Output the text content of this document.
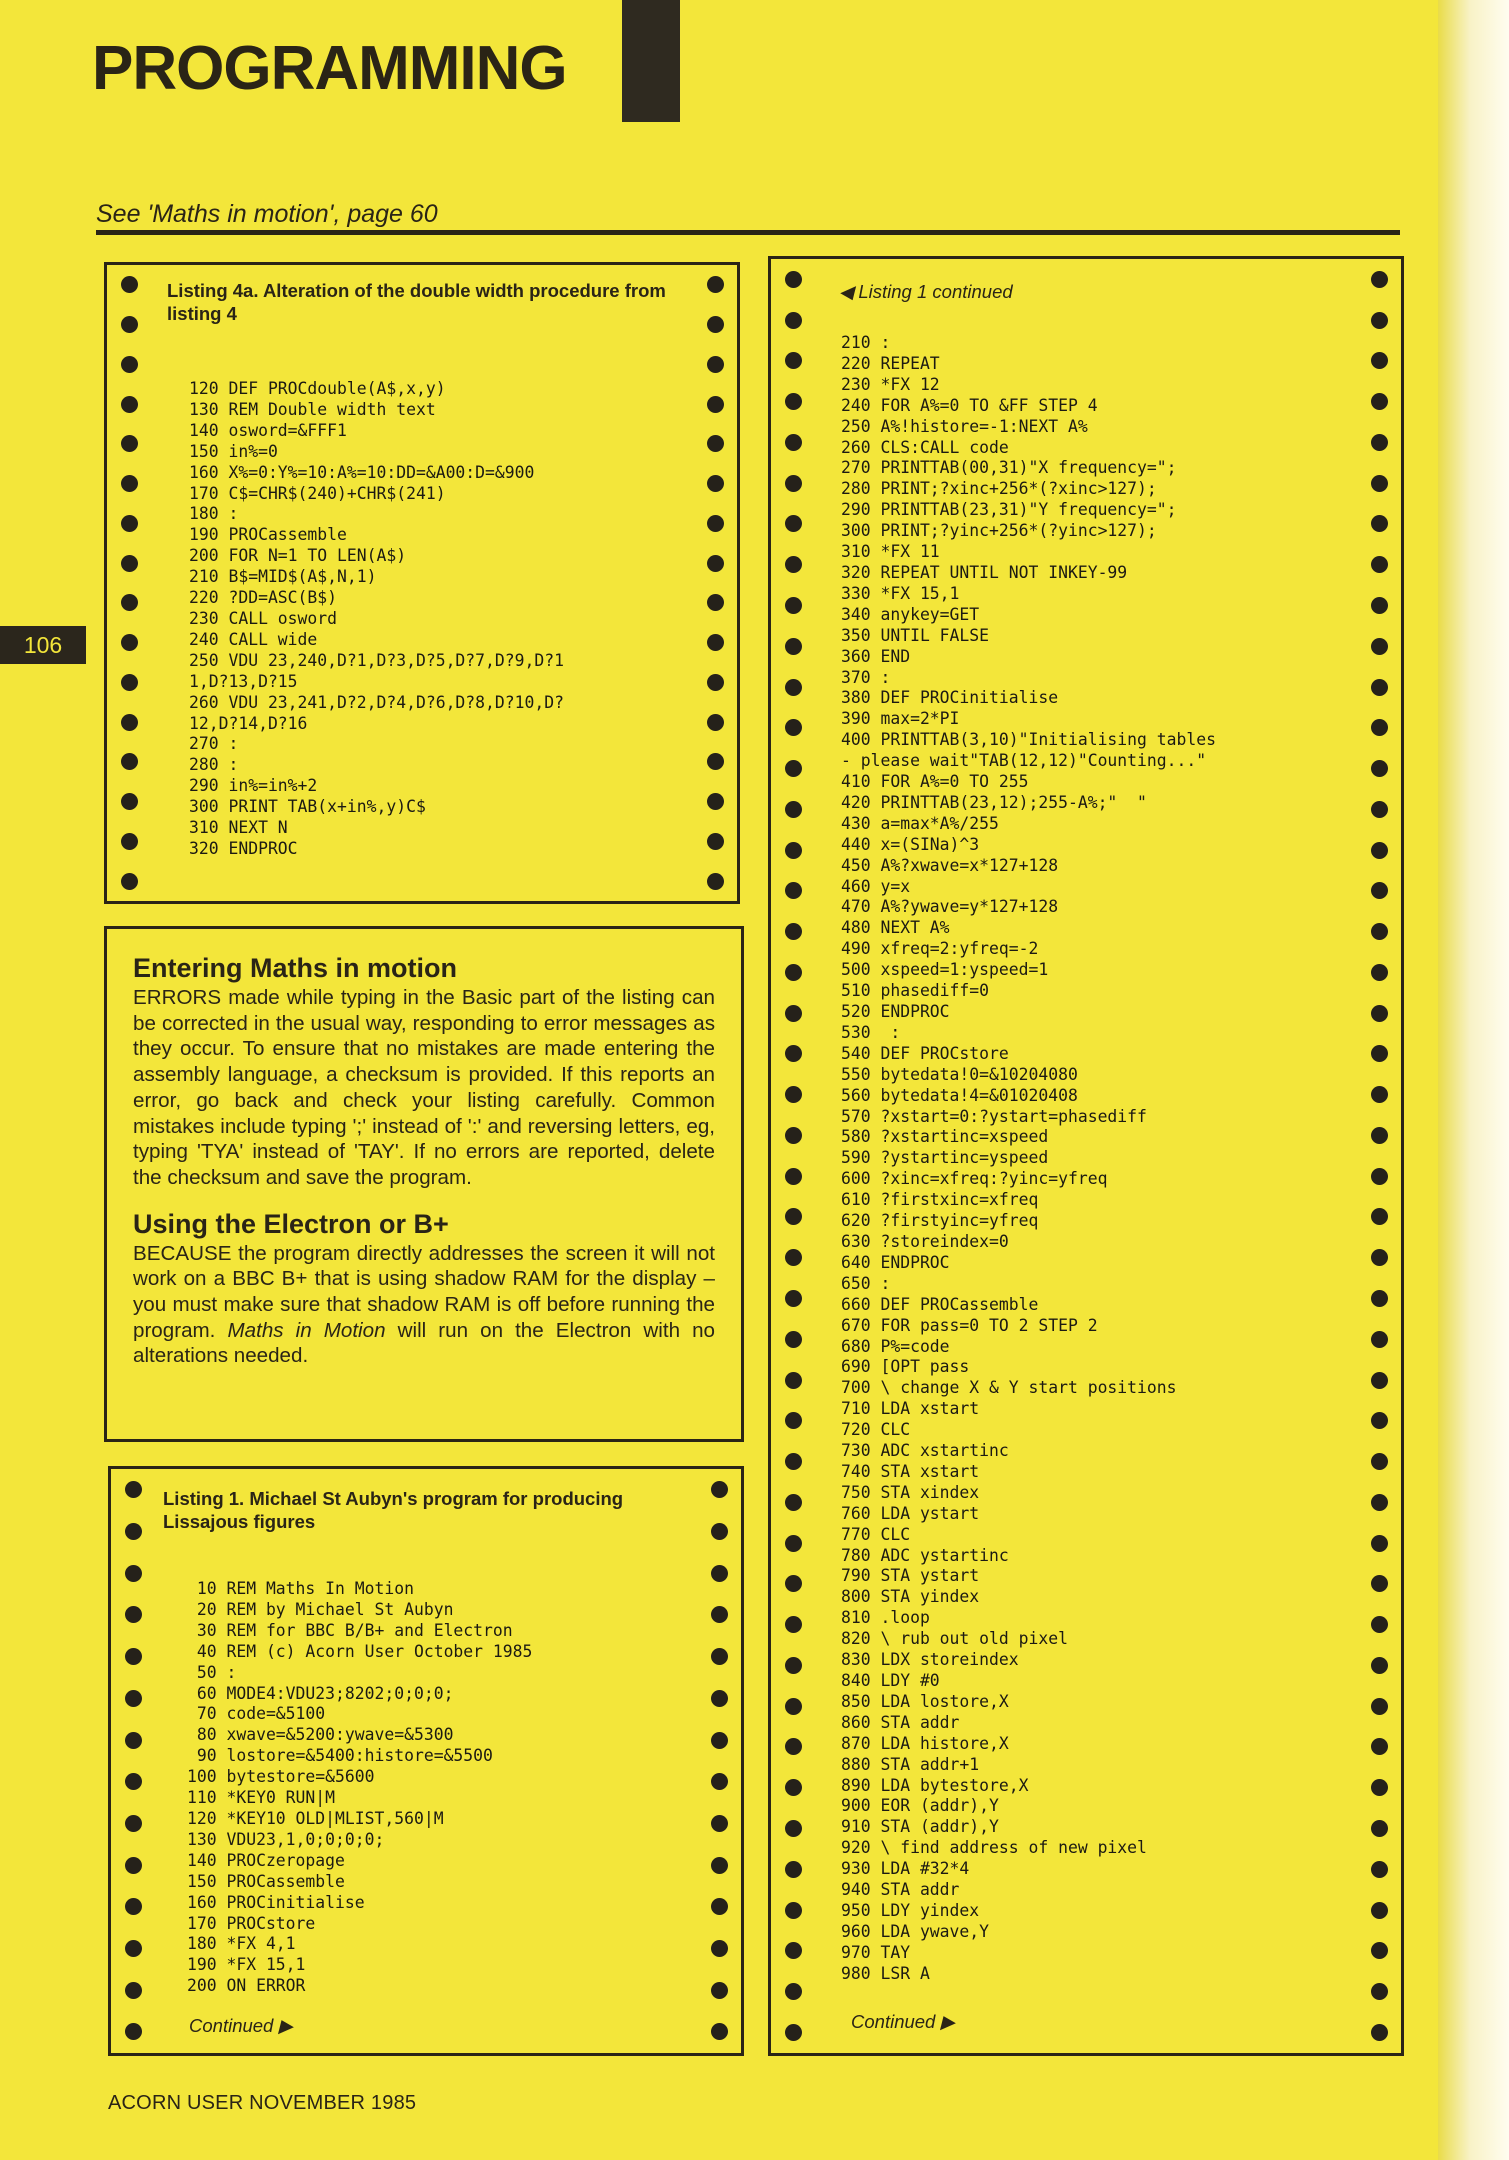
PROGRAMMING
See 'Maths in motion', page 60
106
Listing 4a. Alteration of the double width procedure from listing 4
120 DEF PROCdouble(A$,x,y)
130 REM Double width text
140 osword=&FFF1
150 in%=0
160 X%=0:Y%=10:A%=10:DD=&A00:D=&900
170 C$=CHR$(240)+CHR$(241)
180 :
190 PROCassemble
200 FOR N=1 TO LEN(A$)
210 B$=MID$(A$,N,1)
220 ?DD=ASC(B$)
230 CALL osword
240 CALL wide
250 VDU 23,240,D?1,D?3,D?5,D?7,D?9,D?1
1,D?13,D?15
260 VDU 23,241,D?2,D?4,D?6,D?8,D?10,D?
12,D?14,D?16
270 :
280 :
290 in%=in%+2
300 PRINT TAB(x+in%,y)C$
310 NEXT N
320 ENDPROC
Entering Maths in motion

ERRORS made while typing in the Basic part of the listing can be corrected in the usual way, responding to error messages as they occur. To ensure that no mistakes are made entering the assembly language, a checksum is provided. If this reports an error, go back and check your listing carefully. Common mistakes include typing ';' instead of ':' and reversing letters, eg, typing 'TYA' instead of 'TAY'. If no errors are reported, delete the checksum and save the program.

Using the Electron or B+

BECAUSE the program directly addresses the screen it will not work on a BBC B+ that is using shadow RAM for the display – you must make sure that shadow RAM is off before running the program. Maths in Motion will run on the Electron with no alterations needed.

Listing 1. Michael St Aubyn's program for producing Lissajous figures
10 REM Maths In Motion
20 REM by Michael St Aubyn
30 REM for BBC B/B+ and Electron
40 REM (c) Acorn User October 1985
50 :
60 MODE4:VDU23;8202;0;0;0;
70 code=&5100
80 xwave=&5200:ywave=&5300
90 lostore=&5400:histore=&5500
100 bytestore=&5600
110 *KEY0 RUN|M
120 *KEY10 OLD|MLIST,560|M
130 VDU23,1,0;0;0;0;
140 PROCzeropage
150 PROCassemble
160 PROCinitialise
170 PROCstore
180 *FX 4,1
190 *FX 15,1
200 ON ERROR
Continued ▶
◀ Listing 1 continued
210 :
220 REPEAT
230 *FX 12
240 FOR A%=0 TO &FF STEP 4
250 A%!histore=-1:NEXT A%
260 CLS:CALL code
270 PRINTTAB(00,31)"X frequency=";
280 PRINT;?xinc+256*(?xinc>127);
290 PRINTTAB(23,31)"Y frequency=";
300 PRINT;?yinc+256*(?yinc>127);
310 *FX 11
320 REPEAT UNTIL NOT INKEY-99
330 *FX 15,1
340 anykey=GET
350 UNTIL FALSE
360 END
370 :
380 DEF PROCinitialise
390 max=2*PI
400 PRINTTAB(3,10)"Initialising tables
- please wait"TAB(12,12)"Counting..."
410 FOR A%=0 TO 255
420 PRINTTAB(23,12);255-A%;"  "
430 a=max*A%/255
440 x=(SINa)^3
450 A%?xwave=x*127+128
460 y=x
470 A%?ywave=y*127+128
480 NEXT A%
490 xfreq=2:yfreq=-2
500 xspeed=1:yspeed=1
510 phasediff=0
520 ENDPROC
530  :
540 DEF PROCstore
550 bytedata!0=&10204080
560 bytedata!4=&01020408
570 ?xstart=0:?ystart=phasediff
580 ?xstartinc=xspeed
590 ?ystartinc=yspeed
600 ?xinc=xfreq:?yinc=yfreq
610 ?firstxinc=xfreq
620 ?firstyinc=yfreq
630 ?storeindex=0
640 ENDPROC
650 :
660 DEF PROCassemble
670 FOR pass=0 TO 2 STEP 2
680 P%=code
690 [OPT pass
700 \ change X & Y start positions
710 LDA xstart
720 CLC
730 ADC xstartinc
740 STA xstart
750 STA xindex
760 LDA ystart
770 CLC
780 ADC ystartinc
790 STA ystart
800 STA yindex
810 .loop
820 \ rub out old pixel
830 LDX storeindex
840 LDY #0
850 LDA lostore,X
860 STA addr
870 LDA histore,X
880 STA addr+1
890 LDA bytestore,X
900 EOR (addr),Y
910 STA (addr),Y
920 \ find address of new pixel
930 LDA #32*4
940 STA addr
950 LDY yindex
960 LDA ywave,Y
970 TAY
980 LSR A
Continued ▶
ACORN USER NOVEMBER 1985
